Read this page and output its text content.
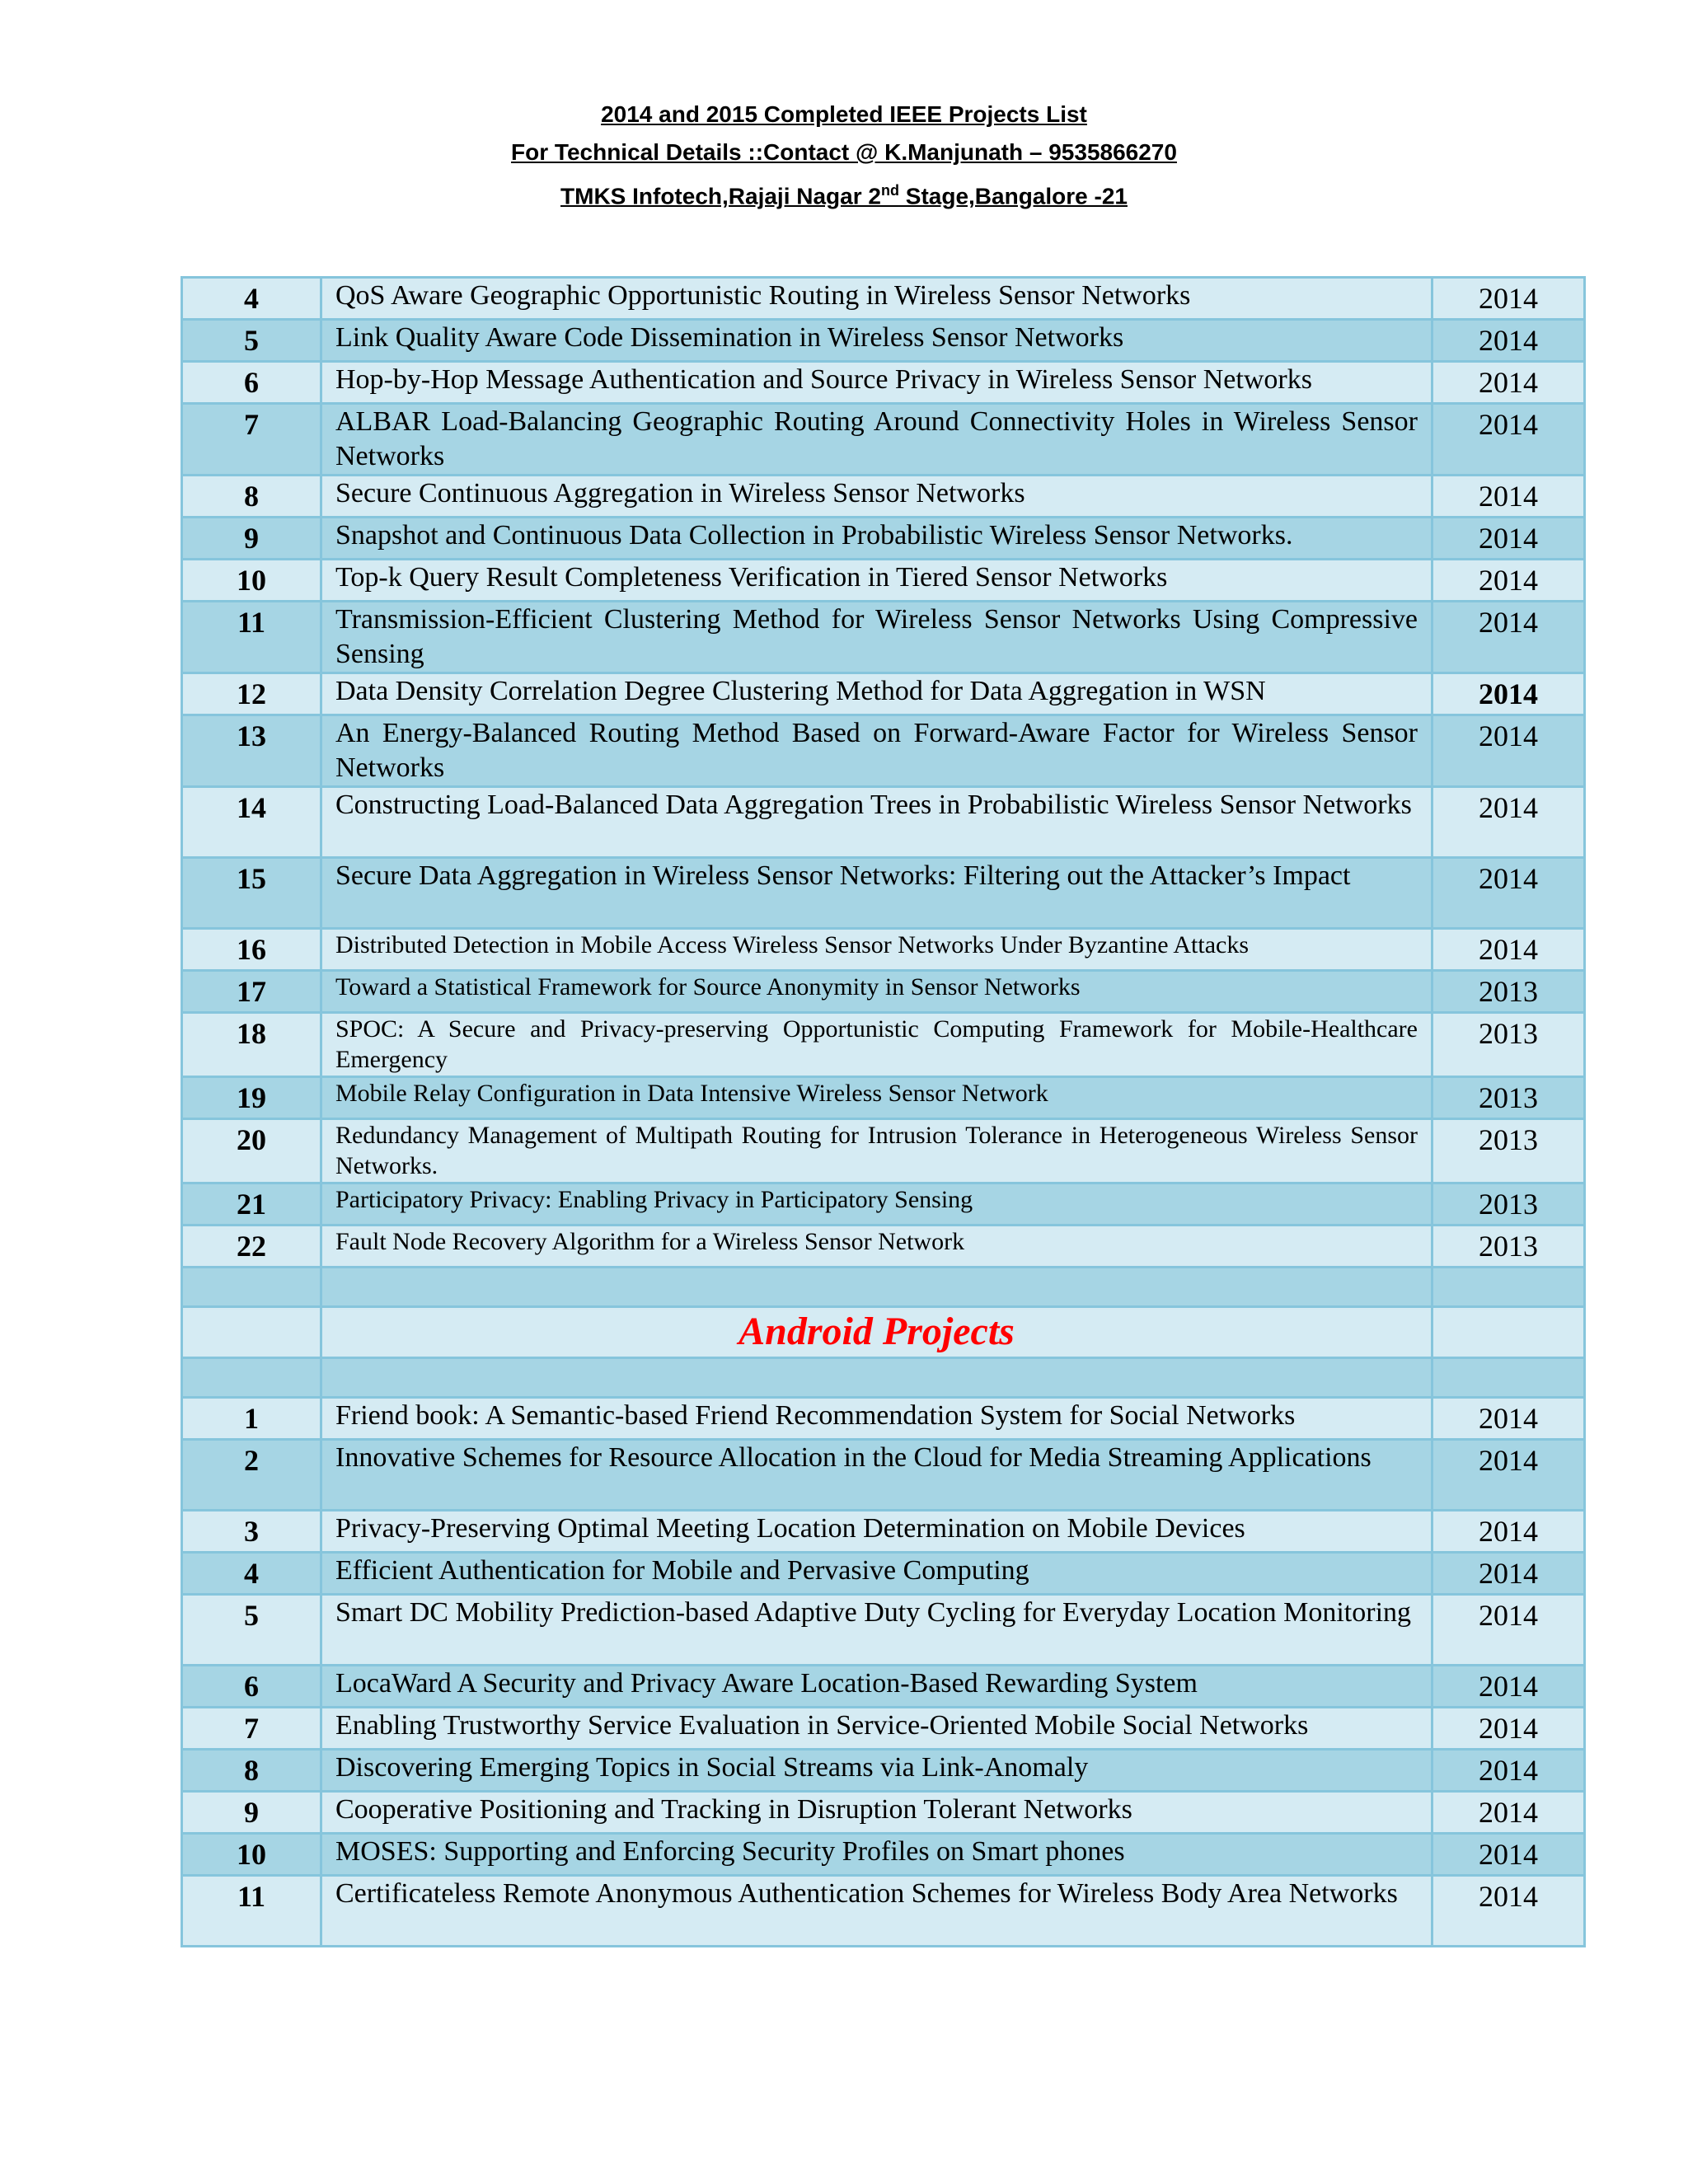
2014 and 2015 Completed IEEE Projects List
For Technical Details ::Contact @ K.Manjunath – 9535866270
TMKS Infotech,Rajaji Nagar 2nd Stage,Bangalore -21
4	QoS Aware Geographic Opportunistic Routing in Wireless Sensor Networks	2014
5	Link Quality Aware Code Dissemination in Wireless Sensor Networks	2014
6	Hop-by-Hop Message Authentication and Source Privacy in Wireless Sensor Networks	2014
7	ALBAR Load-Balancing Geographic Routing Around Connectivity Holes in Wireless Sensor Networks	2014
8	Secure Continuous Aggregation in Wireless Sensor Networks	2014
9	Snapshot and Continuous Data Collection in Probabilistic Wireless Sensor Networks.	2014
10	Top-k Query Result Completeness Verification in Tiered Sensor Networks	2014
11	Transmission-Efficient Clustering Method for Wireless Sensor Networks Using Compressive Sensing	2014
12	Data Density Correlation Degree Clustering Method for Data Aggregation in WSN	2014
13	An Energy-Balanced Routing Method Based on Forward-Aware Factor for Wireless Sensor Networks	2014
14	Constructing Load-Balanced Data Aggregation Trees in Probabilistic Wireless Sensor Networks	2014
15	Secure Data Aggregation in Wireless Sensor Networks: Filtering out the Attacker’s Impact	2014
16	Distributed Detection in Mobile Access Wireless Sensor Networks Under Byzantine Attacks	2014
17	Toward a Statistical Framework for Source Anonymity in Sensor Networks	2013
18	SPOC: A Secure and Privacy-preserving Opportunistic Computing Framework for Mobile-Healthcare Emergency	2013
19	Mobile Relay Configuration in Data Intensive Wireless Sensor Network	2013
20	Redundancy Management of Multipath Routing for Intrusion Tolerance in Heterogeneous Wireless Sensor Networks.	2013
21	Participatory Privacy: Enabling Privacy in Participatory Sensing	2013
22	Fault Node Recovery Algorithm for a Wireless Sensor Network	2013

	Android Projects	

1	Friend book: A Semantic-based Friend Recommendation System for Social Networks	2014
2	Innovative Schemes for Resource Allocation in the Cloud for Media Streaming Applications	2014
3	Privacy-Preserving Optimal Meeting Location Determination on Mobile Devices	2014
4	Efficient Authentication for Mobile and Pervasive Computing	2014
5	Smart DC Mobility Prediction-based Adaptive Duty Cycling for Everyday Location Monitoring	2014
6	LocaWard A Security and Privacy Aware Location-Based Rewarding System	2014
7	Enabling Trustworthy Service Evaluation in Service-Oriented Mobile Social Networks	2014
8	Discovering Emerging Topics in Social Streams via Link-Anomaly	2014
9	Cooperative Positioning and Tracking in Disruption Tolerant Networks	2014
10	MOSES: Supporting and Enforcing Security Profiles on Smart phones	2014
11	Certificateless Remote Anonymous Authentication Schemes for Wireless Body Area Networks	2014
